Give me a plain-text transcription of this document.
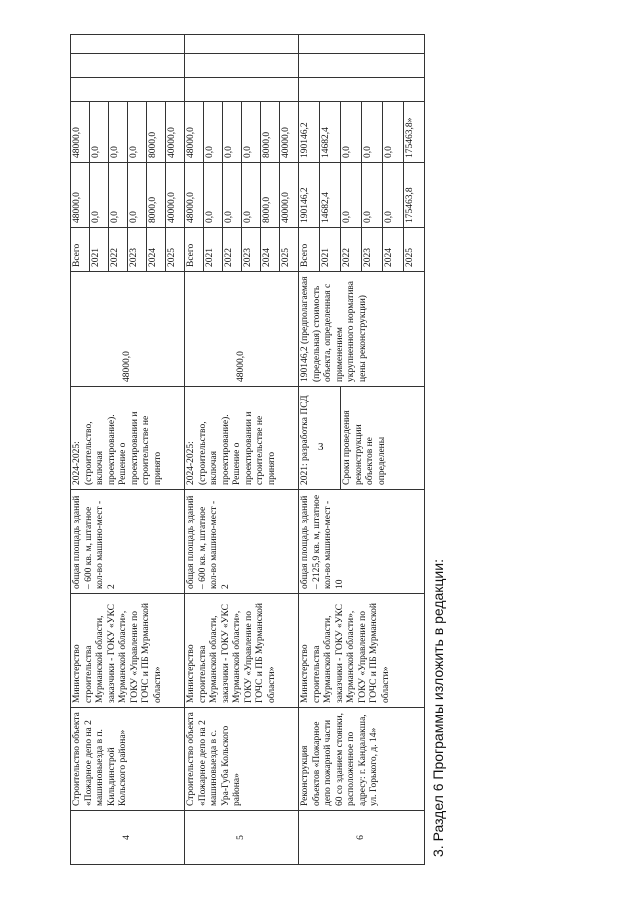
3
4	Строительство объекта «Пожарное депо на 2 машиновыезда в п. Кильдинстрой Кольского района»	Министерство строительства Мурманской области, заказчики - ГОКУ «УКС Мурманской области», ГОКУ «Управление по ГОЧС и ПБ Мурманской области»	общая площадь зданий – 600 кв. м, штатное кол-во машино-мест - 2	2024-2025: (строительство, включая проектирование). Решение о проектировании и строительстве не принято	48000,0	Всего	48000,0	48000,0			
						2021	0,0	0,0			
						2022	0,0	0,0			
						2023	0,0	0,0			
						2024	8000,0	8000,0			
						2025	40000,0	40000,0			
5	Строительство объекта «Пожарное депо на 2 машиновыезда в с. Ура-Губа Кольского района»	Министерство строительства Мурманской области, заказчики - ГОКУ «УКС Мурманской области», ГОКУ «Управление по ГОЧС и ПБ Мурманской области»	общая площадь зданий – 600 кв. м, штатное кол-во машино-мест - 2	2024-2025: (строительство, включая проектирование). Решение о проектировании и строительстве не принято	48000,0	Всего	48000,0	48000,0			
						2021	0,0	0,0			
						2022	0,0	0,0			
						2023	0,0	0,0			
						2024	8000,0	8000,0			
						2025	40000,0	40000,0			
6	Реконструкция объектов «Пожарное депо пожарной части 60 со зданием стоянки, расположенное по адресу: г. Кандалакша, ул. Горького, д. 14»	Министерство строительства Мурманской области, заказчики - ГОКУ «УКС Мурманской области», ГОКУ «Управление по ГОЧС и ПБ Мурманской области»	общая площадь зданий – 2125,9 кв. м, штатное кол-во машино-мест - 10	2021: разработка ПСД	190146,2 (предполагаемая (предельная) стоимость объекта, определенная с применением укрупненного норматива цены реконструкции)	Всего	190146,2	190146,2			
						2021	14682,4	14682,4			
				Сроки проведения реконструкции объектов не определены		2022	0,0	0,0			
						2023	0,0	0,0			
						2024	0,0	0,0			
						2025	175463,8	175463,8»			
3. Раздел 6 Программы изложить в редакции:
